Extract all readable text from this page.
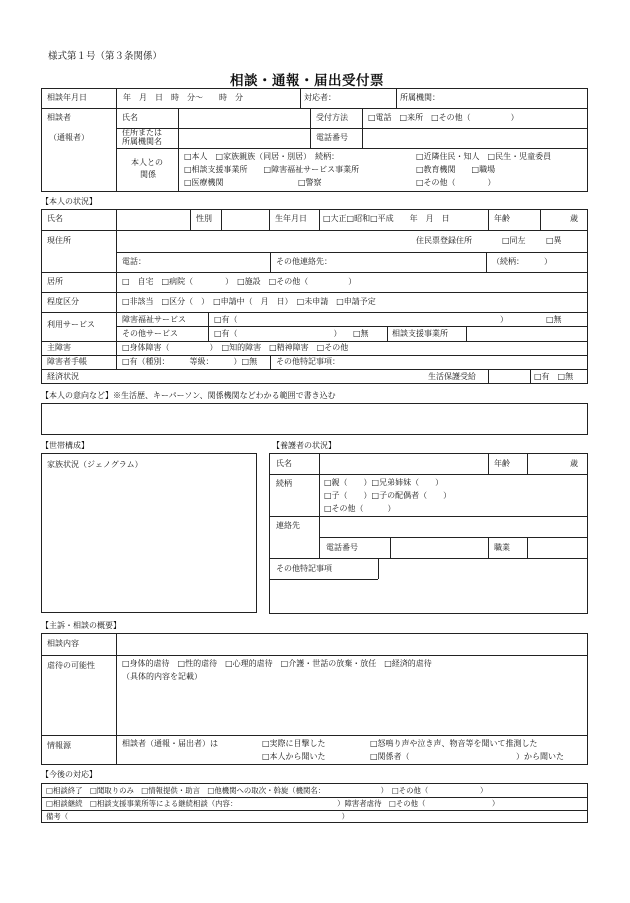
様式第１号（第３条関係）
相談・通報・届出受付票
相談年月日	年　月　日　時　分～　　時　分	対応者：	所属機関：
相談者
（通報者）
氏名	受付方法	□電話　□来所　□その他（　　　　　）
住所または
所属機関名	電話番号
本人との
関係
□本人　□家族親族（同居・別居）　続柄：	□近隣住民・知人　□民生・児童委員
□相談支援事業所　　□障害福祉サービス事業所	□教育機関　　□職場
□医療機関	□警察	□その他（　　　　）
【本人の状況】
氏名	性別	生年月日 □大正□昭和□平成　　年　月　日	年齢	歳
現住所	住民票登録住所	□同左	□異
電話：	その他連絡先：	（続柄：　　　）
居所	□　自宅　□病院（　　　　）　□施設　□その他（　　　　　）
程度区分	□非該当　□区分（　）　□申請中（　月　日）　□未申請　□申請予定
利用サービス
障害福祉サービス	□有（	）	□無
その他サービス	□有（　　　　　　　　　　　　） □無	相談支援事業所
主障害	□身体障害（　　　　　）　□知的障害　□精神障害　□その他
障害者手帳	□有（種別：　　　等級：　　　）□無 その他特記事項：
経済状況	生活保護受給	□有　□無
【本人の意向など】※生活歴、キーパーソン、関係機関などわかる範囲で書き込む
【世帯構成】	【養護者の状況】
家族状況（ジェノグラム）	氏名	年齢	歳
続柄	□親（　　）□兄弟姉妹（　　）
□子（　　）□子の配偶者（　　）
□その他（　　　）
連絡先
電話番号	職業
その他特記事項
【主訴・相談の概要】
相談内容
虐待の可能性	□身体的虐待　□性的虐待　□心理的虐待　□介護・世話の放棄・放任　□経済的虐待
（具体的内容を記載）
情報源	相談者（通報・届出者）は	□実際に目撃した	□怒鳴り声や泣き声、物音等を聞いて推測した
□本人から聞いた	□関係者（	）から聞いた
【今後の対応】
□相談終了　□聞取りのみ　□情報提供・助言　□他機関への取次・斡旋（機関名：　　　　　　　　）　□その他（　　　　　　　）
□相談継続　□相談支援事業所等による継続相談（内容：　　　　　　　　　　　　　　）障害者虐待　□その他（　　　　　　　　　）
備考（　　　　　　　　　　　　　　　　　　　　　　　　　　　　　　　　　　　　　）
